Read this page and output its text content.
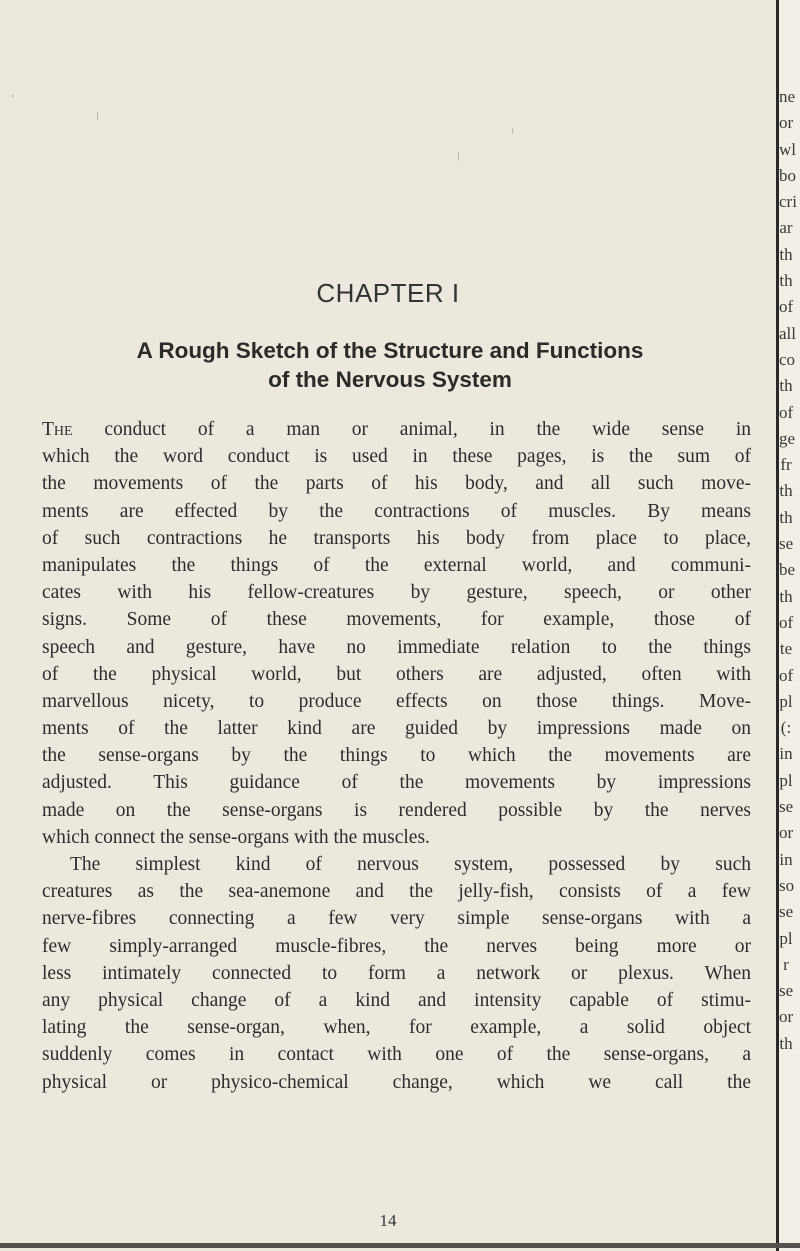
CHAPTER I
A Rough Sketch of the Structure and Functions
of the Nervous System
The conduct of a man or animal, in the wide sense in
which the word conduct is used in these pages, is the sum of
the movements of the parts of his body, and all such move-
ments are effected by the contractions of muscles. By means
of such contractions he transports his body from place to place,
manipulates the things of the external world, and communi-
cates with his fellow-creatures by gesture, speech, or other
signs. Some of these movements, for example, those of
speech and gesture, have no immediate relation to the things
of the physical world, but others are adjusted, often with
marvellous nicety, to produce effects on those things. Move-
ments of the latter kind are guided by impressions made on
the sense-organs by the things to which the movements are
adjusted. This guidance of the movements by impressions
made on the sense-organs is rendered possible by the nerves
which connect the sense-organs with the muscles.
The simplest kind of nervous system, possessed by such
creatures as the sea-anemone and the jelly-fish, consists of a few
nerve-fibres connecting a few very simple sense-organs with a
few simply-arranged muscle-fibres, the nerves being more or
less intimately connected to form a network or plexus. When
any physical change of a kind and intensity capable of stimu-
lating the sense-organ, when, for example, a solid object
suddenly comes in contact with one of the sense-organs, a
physical or physico-chemical change, which we call the
14
ne
or
wl
bo
cri
ar
th
th
of
all
co
th
of
ge
fr
th
th
se
be
th
of
te
of
pl
(:
in
pl
se
or
in
so
se
pl
r
se
or
th
